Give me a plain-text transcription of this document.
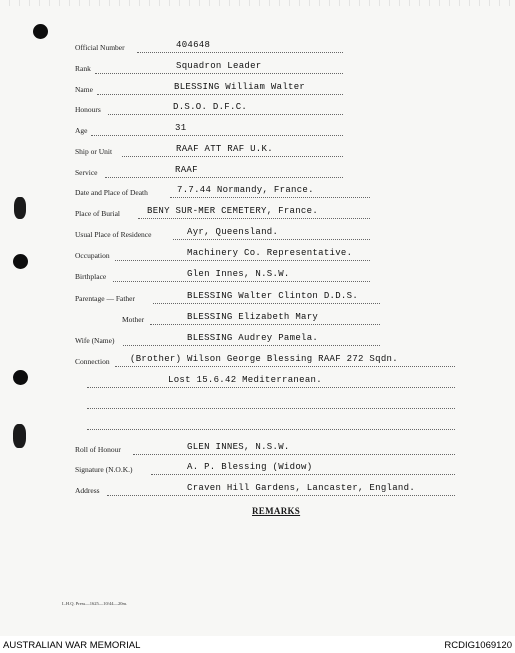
Official Number	404648
Rank	Squadron Leader
Name	BLESSING William Walter
Honours	D.S.O. D.F.C.
Age	31
Ship or Unit	RAAF ATT RAF U.K.
Service	RAAF
Date and Place of Death	7.7.44 Normandy, France.
Place of Burial	BENY SUR-MER CEMETERY, France.
Usual Place of Residence	Ayr, Queensland.
Occupation	Machinery Co. Representative.
Birthplace	Glen Innes, N.S.W.
Parentage — Father	BLESSING Walter Clinton D.D.S.
Mother	BLESSING Elizabeth Mary
Wife (Name)	BLESSING Audrey Pamela.
Connection (Brother) Wilson George Blessing RAAF 272 Sqdn.
Lost 15.6.42 Mediterranean.
Roll of Honour	GLEN INNES, N.S.W.
Signature (N.O.K.)	A. P. Blessing (Widow)
Address	Craven Hill Gardens, Lancaster, England.
REMARKS
L.H.Q. Press—1625—10/44—20m.
AUSTRALIAN WAR MEMORIAL	RCDIG1069120
